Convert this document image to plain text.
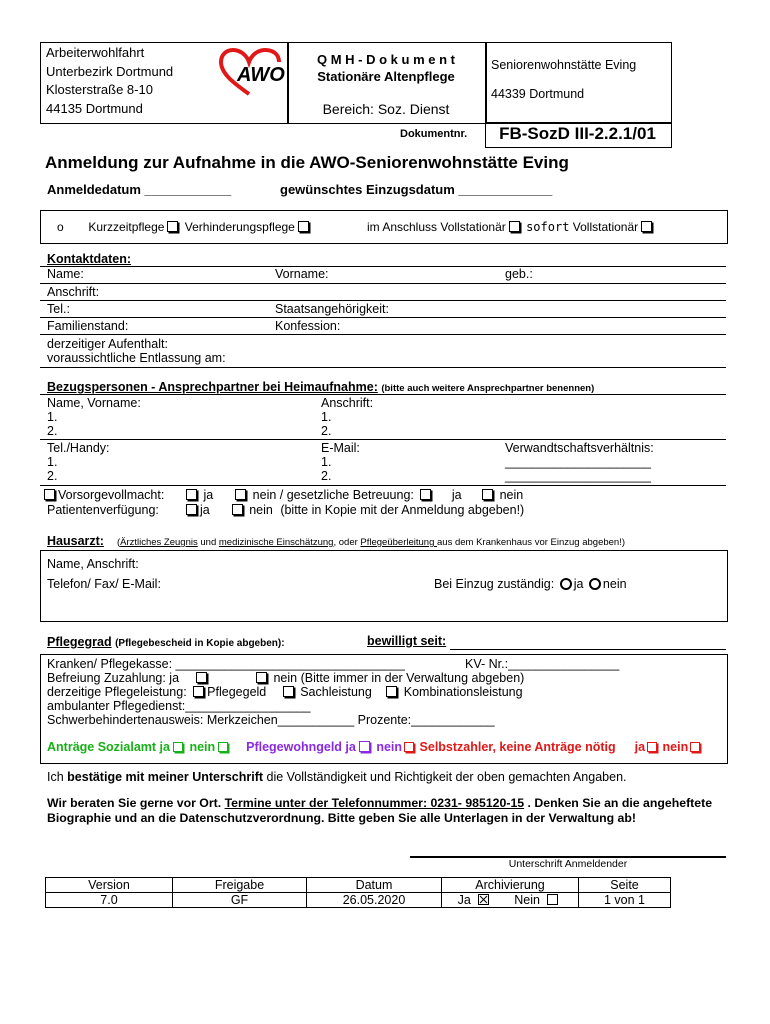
Arbeiterwohlfahrt
Unterbezirk Dortmund
Klosterstraße 8-10
44135 Dortmund
AWO
Q M H - D o k u m e n t
Stationäre Altenpflege
Bereich: Soz. Dienst
Seniorenwohnstätte Eving
44339 Dortmund
Dokumentnr.	FB-SozD III-2.2.1/01
Anmeldung zur Aufnahme in die AWO-Seniorenwohnstätte Eving
Anmeldedatum ____________	gewünschtes Einzugsdatum _____________
o Kurzzeitpflege Verhinderungspflege	im Anschluss Vollstationär sofort Vollstationär
Kontaktdaten:
Name:	Vorname:	geb.:
Anschrift:
Tel.:	Staatsangehörigkeit:
Familienstand:	Konfession:
derzeitiger Aufenthalt:
voraussichtliche Entlassung am:
Bezugspersonen - Ansprechpartner bei Heimaufnahme: (bitte auch weitere Ansprechpartner benennen)
Name, Vorname:	Anschrift:
1.	1.
2.	2.
Tel./Handy:	E-Mail:	Verwandtschaftsverhältnis:
1.	1.	_____________________
2.	2.	_____________________
Vorsorgevollmacht:	ja	nein / gesetzliche Betreuung:	ja	nein
Patientenverfügung:	ja	nein (bitte in Kopie mit der Anmeldung abgeben!)
Hausarzt: (Ärztliches Zeugnis und medizinische Einschätzung, oder Pflegeüberleitung aus dem Krankenhaus vor Einzug abgeben!)
Name, Anschrift:
Telefon/ Fax/ E-Mail:	Bei Einzug zuständig: ja nein
Pflegegrad (Pflegebescheid in Kopie abgeben):	bewilligt seit:
Kranken/ Pflegekasse: _________________________________	KV- Nr.:________________
Befreiung Zuzahlung: ja	nein (Bitte immer in der Verwaltung abgeben)
derzeitige Pflegeleistung: Pflegegeld	Sachleistung	Kombinationsleistung
ambulanter Pflegedienst:__________________
Schwerbehindertenausweis: Merkzeichen___________ Prozente:____________
Anträge Sozialamt ja nein Pflegewohngeld ja nein Selbstzahler, keine Anträge nötig ja nein
Ich bestätige mit meiner Unterschrift die Vollständigkeit und Richtigkeit der oben gemachten Angaben.
Wir beraten Sie gerne vor Ort. Termine unter der Telefonnummer: 0231- 985120-15 . Denken Sie an die angeheftete Biographie und an die Datenschutzverordnung. Bitte geben Sie alle Unterlagen in der Verwaltung ab!
Unterschrift Anmeldender
Version	Freigabe	Datum	Archivierung	Seite
7.0	GF	26.05.2020	Ja Nein	1 von 1
